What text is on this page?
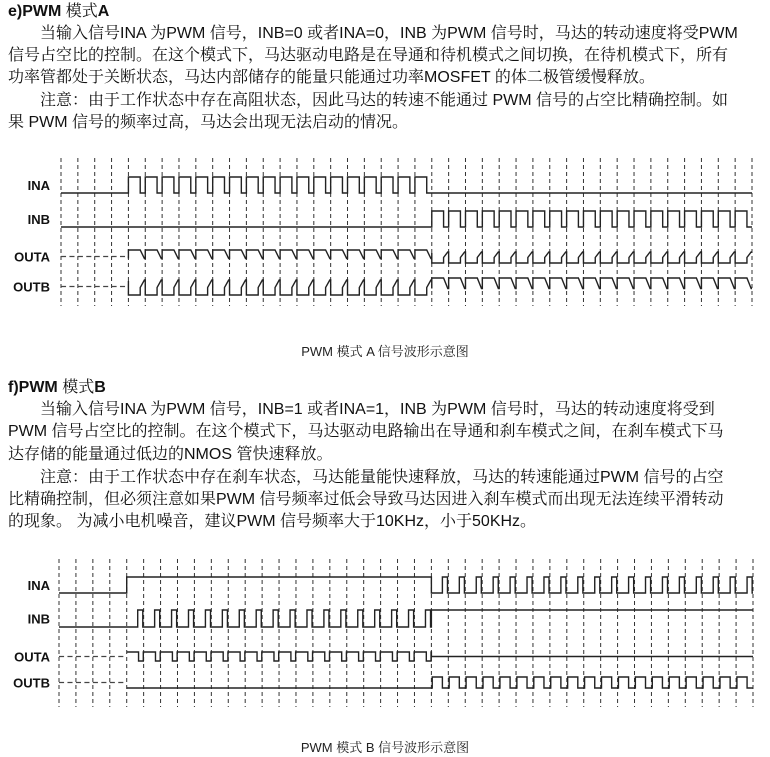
e)PWM 模式A
当输入信号INA 为PWM 信号，INB=0 或者INA=0，INB 为PWM 信号时，马达的转动速度将受PWM
信号占空比的控制。在这个模式下，马达驱动电路是在导通和待机模式之间切换，在待机模式下，所有
功率管都处于关断状态，马达内部储存的能量只能通过功率MOSFET 的体二极管缓慢释放。
注意：由于工作状态中存在高阻状态，因此马达的转速不能通过 PWM 信号的占空比精确控制。如
果 PWM 信号的频率过高，马达会出现无法启动的情况。
INA
INB
OUTA
OUTB
PWM 模式 A 信号波形示意图
f)PWM 模式B
当输入信号INA 为PWM 信号，INB=1 或者INA=1，INB 为PWM 信号时，马达的转动速度将受到
PWM 信号占空比的控制。在这个模式下，马达驱动电路输出在导通和刹车模式之间，在刹车模式下马
达存储的能量通过低边的NMOS 管快速释放。
注意：由于工作状态中存在刹车状态，马达能量能快速释放，马达的转速能通过PWM 信号的占空
比精确控制，但必须注意如果PWM 信号频率过低会导致马达因进入刹车模式而出现无法连续平滑转动
的现象。 为减小电机噪音，建议PWM 信号频率大于10KHz，小于50KHz。
INA
INB
OUTA
OUTB
PWM 模式 B 信号波形示意图
